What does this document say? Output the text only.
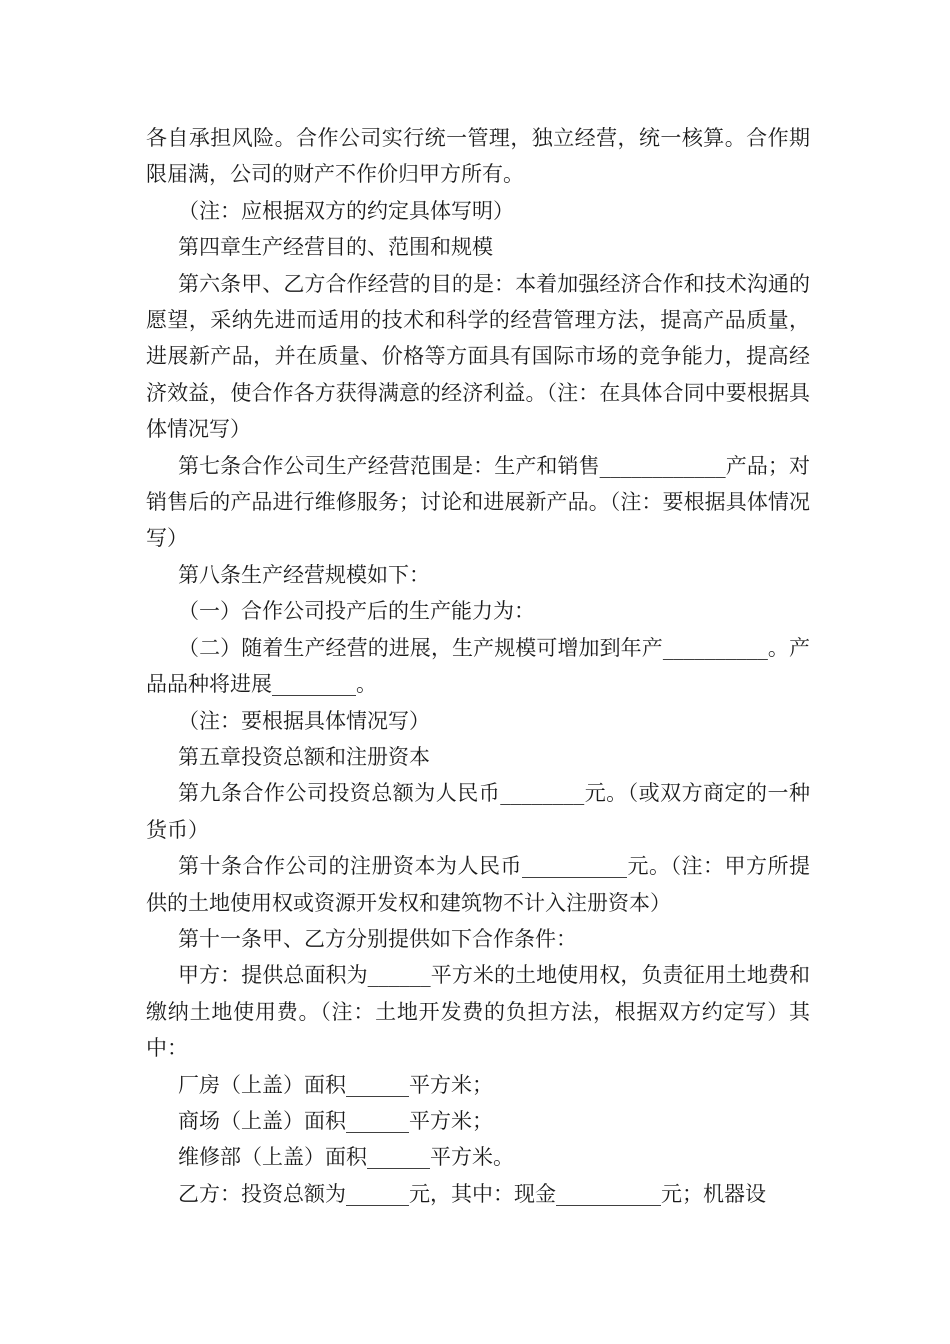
各自承担风险。合作公司实行统一管理，独立经营，统一核算。合作期限届满，公司的财产不作价归甲方所有。

（注：应根据双方的约定具体写明）

第四章生产经营目的、范围和规模

第六条甲、乙方合作经营的目的是：本着加强经济合作和技术沟通的愿望，采纳先进而适用的技术和科学的经营管理方法，提高产品质量，进展新产品，并在质量、价格等方面具有国际市场的竞争能力，提高经济效益，使合作各方获得满意的经济利益。（注：在具体合同中要根据具体情况写）

第七条合作公司生产经营范围是：生产和销售____________产品；对销售后的产品进行维修服务；讨论和进展新产品。（注：要根据具体情况写）

第八条生产经营规模如下：

（一）合作公司投产后的生产能力为：

（二）随着生产经营的进展，生产规模可增加到年产__________。产品品种将进展________。

（注：要根据具体情况写）

第五章投资总额和注册资本

第九条合作公司投资总额为人民币________元。（或双方商定的一种货币）

第十条合作公司的注册资本为人民币__________元。（注：甲方所提供的土地使用权或资源开发权和建筑物不计入注册资本）

第十一条甲、乙方分别提供如下合作条件：

甲方：提供总面积为______平方米的土地使用权，负责征用土地费和缴纳土地使用费。（注：土地开发费的负担方法，根据双方约定写）其中：

厂房（上盖）面积______平方米；

商场（上盖）面积______平方米；

维修部（上盖）面积______平方米。

乙方：投资总额为______元，其中：现金__________元；机器设
